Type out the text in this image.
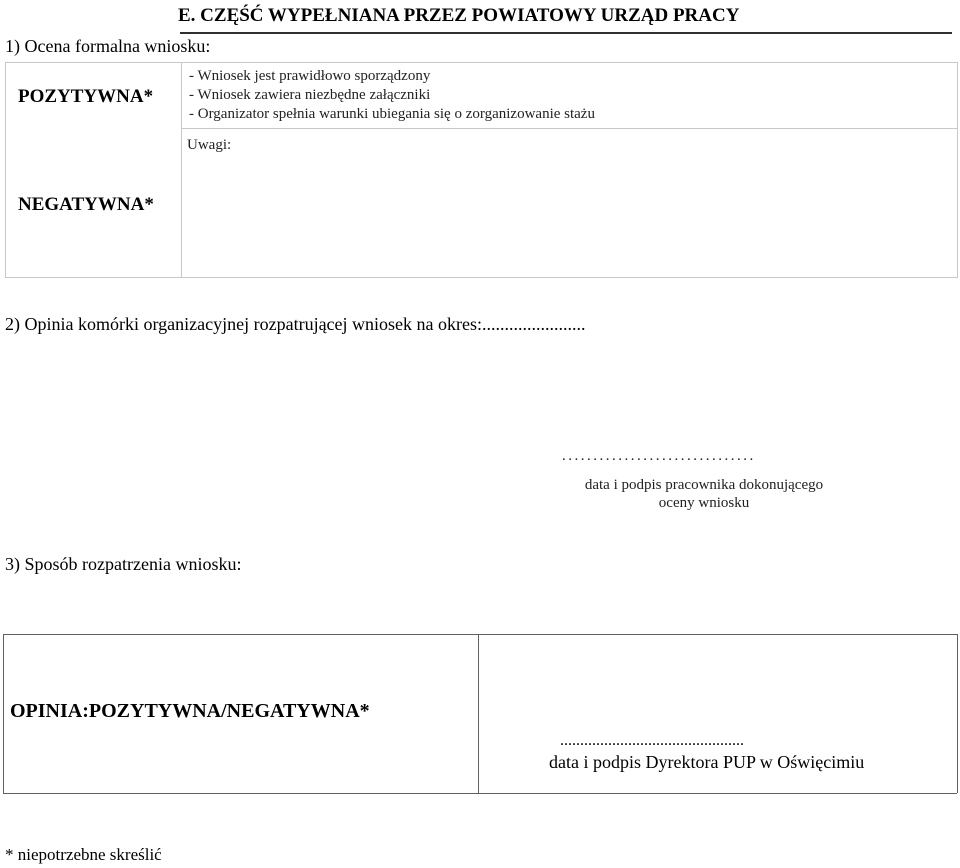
E. CZĘŚĆ WYPEŁNIANA PRZEZ POWIATOWY URZĄD PRACY
1) Ocena formalna wniosku:
POZYTYWNA*
- Wniosek jest prawidłowo sporządzony
- Wniosek zawiera niezbędne załączniki
- Organizator spełnia warunki ubiegania się o zorganizowanie stażu
Uwagi:
NEGATYWNA*
2) Opinia komórki organizacyjnej rozpatrującej wniosek na okres:.......................
...............................
data i podpis pracownika dokonującego
oceny wniosku
3) Sposób rozpatrzenia wniosku:
OPINIA:POZYTYWNA/NEGATYWNA*
..............................................
data i podpis Dyrektora PUP w Oświęcimiu
* niepotrzebne skreślić
